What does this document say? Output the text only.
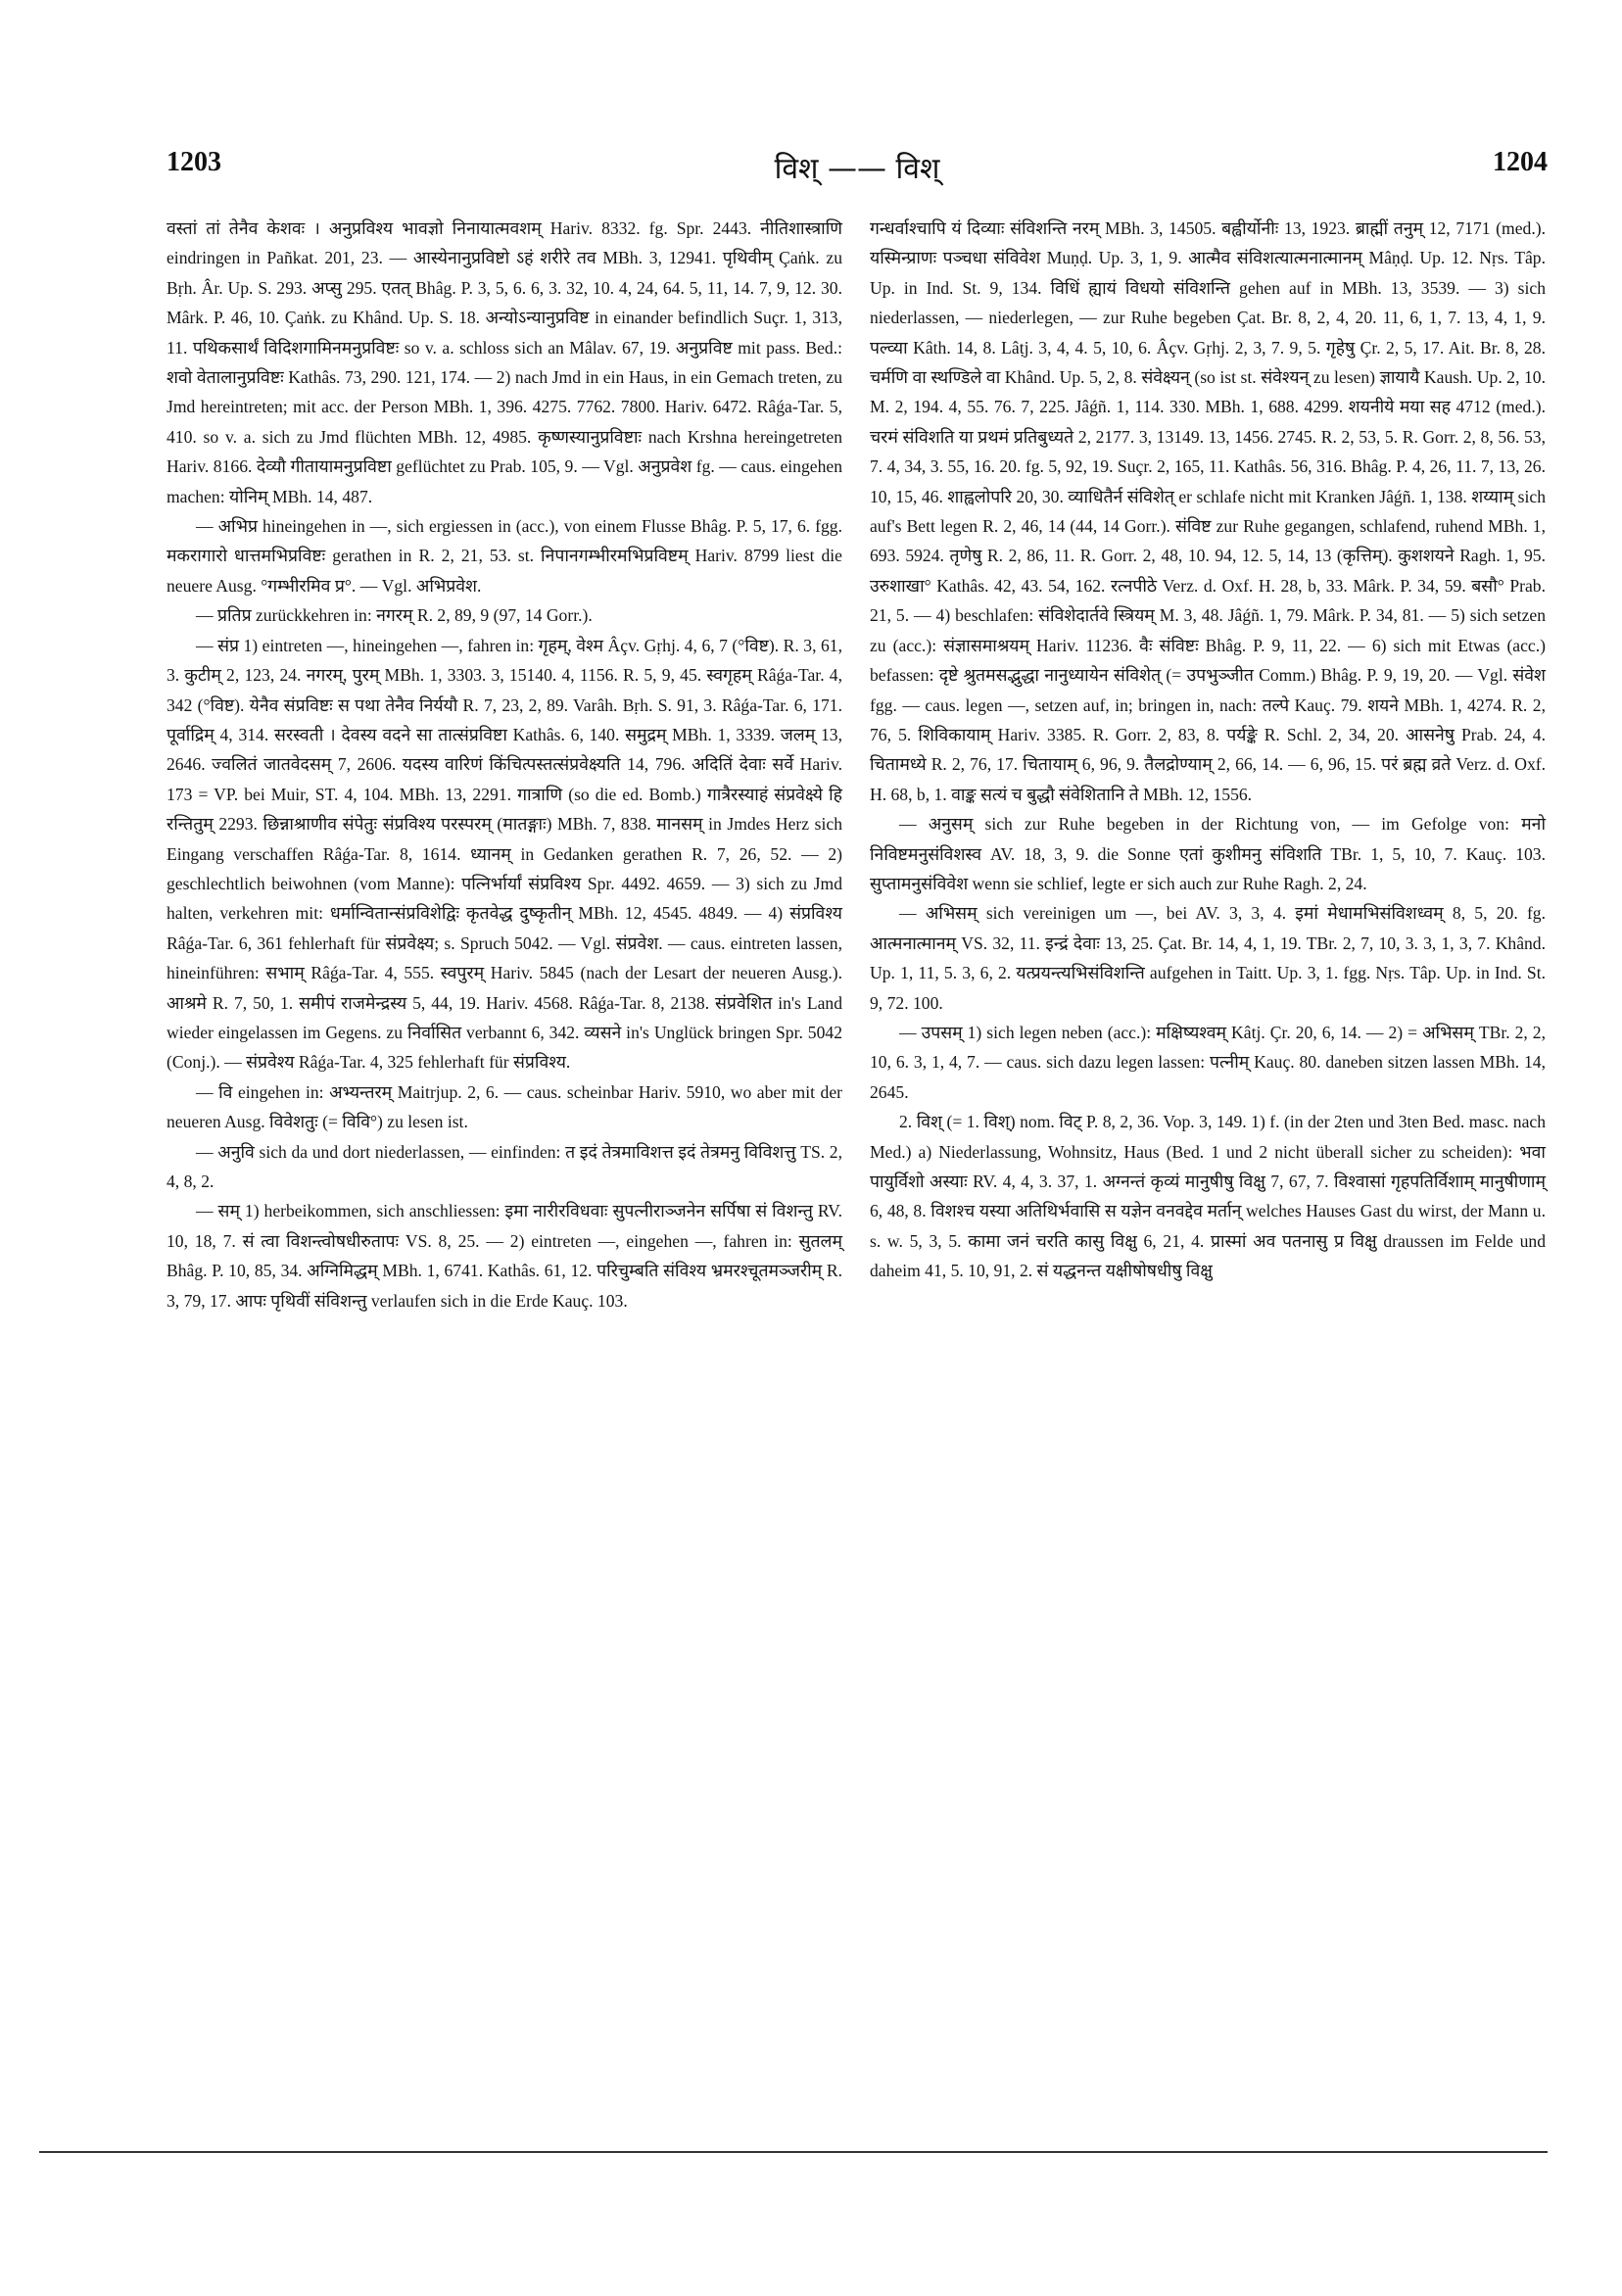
1203	विश् —— विश्	1204

वस्तां तां तेनैव केशवः । अनुप्रविश्य भावज्ञो निनायात्मवशम् Hariv. 8332. fg. Spr. 2443. नीतिशास्त्राणि eindringen in Pañkat. 201, 23. — आस्येनानुप्रविष्टो ऽहं शरीरे तव MBh. 3, 12941. पृथिवीम् Çaṅk. zu Bṛh. Âr. Up. S. 293. अप्सु 295. एतत् Bhâg. P. 3, 5, 6. 6, 3. 32, 10. 4, 24, 64. 5, 11, 14. 7, 9, 12. 30. Mârk. P. 46, 10. Çaṅk. zu Khând. Up. S. 18. अन्योऽन्यानुप्रविष्ट in einander befindlich Suçr. 1, 313, 11. पथिकसार्थं विदिशगामिनमनुप्रविष्टः so v. a. schloss sich an Mâlav. 67, 19. अनुप्रविष्ट mit pass. Bed.: शवो वेतालानुप्रविष्टः Kathâs. 73, 290. 121, 174. — 2) nach Jmd in ein Haus, in ein Gemach treten, zu Jmd hereintreten; mit acc. der Person MBh. 1, 396. 4275. 7762. 7800. Hariv. 6472. Râǵa-Tar. 5, 410. so v. a. sich zu Jmd flüchten MBh. 12, 4985. कृष्णस्यानुप्रविष्टाः nach Krshna hereingetreten Hariv. 8166. देव्यौ गीतायामनुप्रविष्टा geflüchtet zu Prab. 105, 9. — Vgl. अनुप्रवेश fg. — caus. eingehen machen: योनिम् MBh. 14, 487.

— अभिप्र hineingehen in —, sich ergiessen in (acc.), von einem Flusse Bhâg. P. 5, 17, 6. fgg. मकरागारो धात्तमभिप्रविष्टः gerathen in R. 2, 21, 53. st. निपानगम्भीरमभिप्रविष्टम् Hariv. 8799 liest die neuere Ausg. °गम्भीरमिव प्र°. — Vgl. अभिप्रवेश.

— प्रतिप्र zurückkehren in: नगरम् R. 2, 89, 9 (97, 14 Gorr.).

— संप्र 1) eintreten —, hineingehen —, fahren in: गृहम्, वेश्म Âçv. Gṛhj. 4, 6, 7 (°विष्ट). R. 3, 61, 3. कुटीम् 2, 123, 24. नगरम्, पुरम् MBh. 1, 3303. 3, 15140. 4, 1156. R. 5, 9, 45. स्वगृहम् Râǵa-Tar. 4, 342 (°विष्ट). येनैव संप्रविष्टः स पथा तेनैव निर्ययौ R. 7, 23, 2, 89. Varâh. Bṛh. S. 91, 3. Râǵa-Tar. 6, 171. पूर्वाद्रिम् 4, 314. सरस्वती । देवस्य वदने सा तात्संप्रविष्टा Kathâs. 6, 140. समुद्रम् MBh. 1, 3339. जलम् 13, 2646. ज्वलितं जातवेदसम् 7, 2606. यदस्य वारिणं किंचित्पस्तत्संप्रवेक्ष्यति 14, 796. अदितिं देवाः सर्वे Hariv. 173 = VP. bei Muir, ST. 4, 104. MBh. 13, 2291. गात्राणि (so die ed. Bomb.) गात्रैरस्याहं संप्रवेक्ष्ये हि रन्तितुम् 2293. छिन्नाश्राणीव संपेतुः संप्रविश्य परस्परम् (मातङ्गाः) MBh. 7, 838. मानसम् in Jmdes Herz sich Eingang verschaffen Râǵa-Tar. 8, 1614. ध्यानम् in Gedanken gerathen R. 7, 26, 52. — 2) geschlechtlich beiwohnen (vom Manne): पत्निर्भार्यां संप्रविश्य Spr. 4492. 4659. — 3) sich zu Jmd halten, verkehren mit: धर्मान्वितान्संप्रविशेद्विः कृतवेद्ध दुष्कृतीन् MBh. 12, 4545. 4849. — 4) संप्रविश्य Râǵa-Tar. 6, 361 fehlerhaft für संप्रवेक्ष्य; s. Spruch 5042. — Vgl. संप्रवेश. — caus. eintreten lassen, hineinführen: सभाम् Râǵa-Tar. 4, 555. स्वपुरम् Hariv. 5845 (nach der Lesart der neueren Ausg.). आश्रमे R. 7, 50, 1. समीपं राजमेन्द्रस्य 5, 44, 19. Hariv. 4568. Râǵa-Tar. 8, 2138. संप्रवेशित in's Land wieder eingelassen im Gegens. zu निर्वासित verbannt 6, 342. व्यसने in's Unglück bringen Spr. 5042 (Conj.). — संप्रवेश्य Râǵa-Tar. 4, 325 fehlerhaft für संप्रविश्य.

— वि eingehen in: अभ्यन्तरम् Maitrjup. 2, 6. — caus. scheinbar Hariv. 5910, wo aber mit der neueren Ausg. विवेशतुः (= विवि°) zu lesen ist.

— अनुवि sich da und dort niederlassen, — einfinden: त इदं तेत्रमाविशत्त इदं तेत्रमनु विविशत्तु TS. 2, 4, 8, 2.

— सम् 1) herbeikommen, sich anschliessen: इमा नारीरविधवाः सुपत्नीरा‍ञ्जनेन सर्पिषा सं विशन्तु RV. 10, 18, 7. सं त्वा विशन्त्वोषधीरुतापः VS. 8, 25. — 2) eintreten —, eingehen —, fahren in: सुतलम् Bhâg. P. 10, 85, 34. अग्निमिद्धम् MBh. 1, 6741. Kathâs. 61, 12. परिचुम्बति संविश्य भ्रमरश्चूतमञ्जरीम् R. 3, 79, 17. आपः पृथिवीं संविशन्तु verlaufen sich in die Erde Kauç. 103.

गन्धर्वाश्चापि यं दिव्याः संविशन्ति नरम् MBh. 3, 14505. बह्वीर्योनीः 13, 1923. ब्राह्मीं तनुम् 12, 7171 (med.). यस्मिन्प्राणः पञ्चधा संविवेश Muṇḍ. Up. 3, 1, 9. आत्मैव संविशत्यात्मनात्मानम् Mâṇḍ. Up. 12. Nṛs. Tâp. Up. in Ind. St. 9, 134. विधिं ह्यायं विधयो संविशन्ति gehen auf in MBh. 13, 3539. — 3) sich niederlassen, — niederlegen, — zur Ruhe begeben Çat. Br. 8, 2, 4, 20. 11, 6, 1, 7. 13, 4, 1, 9. पल्व्या Kâth. 14, 8. Lâṭj. 3, 4, 4. 5, 10, 6. Âçv. Gṛhj. 2, 3, 7. 9, 5. गृहेषु Çr. 2, 5, 17. Ait. Br. 8, 28. चर्मणि वा स्थण्डिले वा Khând. Up. 5, 2, 8. संवेक्ष्यन् (so ist st. संवेश्यन् zu lesen) ज्ञायायै Kaush. Up. 2, 10. M. 2, 194. 4, 55. 76. 7, 225. Jâǵñ. 1, 114. 330. MBh. 1, 688. 4299. शयनीये मया सह 4712 (med.). चरमं संविशति या प्रथमं प्रतिबुध्यते 2, 2177. 3, 13149. 13, 1456. 2745. R. 2, 53, 5. R. Gorr. 2, 8, 56. 53, 7. 4, 34, 3. 55, 16. 20. fg. 5, 92, 19. Suçr. 2, 165, 11. Kathâs. 56, 316. Bhâg. P. 4, 26, 11. 7, 13, 26. 10, 15, 46. शाह्वलोपरि 20, 30. व्याधितैर्न संविशेत् er schlafe nicht mit Kranken Jâǵñ. 1, 138. शय्याम् sich auf's Bett legen R. 2, 46, 14 (44, 14 Gorr.). संविष्ट zur Ruhe gegangen, schlafend, ruhend MBh. 1, 693. 5924. तृणेषु R. 2, 86, 11. R. Gorr. 2, 48, 10. 94, 12. 5, 14, 13 (कृत्तिम्). कुशशयने Ragh. 1, 95. उरुशाखा° Kathâs. 42, 43. 54, 162. रत्नपीठे Verz. d. Oxf. H. 28, b, 33. Mârk. P. 34, 59. बसौ° Prab. 21, 5. — 4) beschlafen: संविशेदार्तवे स्त्रियम् M. 3, 48. Jâǵñ. 1, 79. Mârk. P. 34, 81. — 5) sich setzen zu (acc.): संज्ञासमाश्रयम् Hariv. 11236. वैः संविष्टः Bhâg. P. 9, 11, 22. — 6) sich mit Etwas (acc.) befassen: दृष्टे श्रुतमसद्भुद्धा नानुध्यायेन संविशेत् (= उपभुञ्जीत Comm.) Bhâg. P. 9, 19, 20. — Vgl. संवेश fgg. — caus. legen —, setzen auf, in; bringen in, nach: तल्पे Kauç. 79. शयने MBh. 1, 4274. R. 2, 76, 5. शिविकायाम् Hariv. 3385. R. Gorr. 2, 83, 8. पर्यङ्के R. Schl. 2, 34, 20. आसनेषु Prab. 24, 4. चितामध्ये R. 2, 76, 17. चितायाम् 6, 96, 9. तैलद्रोण्याम् 2, 66, 14. — 6, 96, 15. परं ब्रह्म व्रते Verz. d. Oxf. H. 68, b, 1. वाङ्क सत्यं च बुद्धौ संवेशितानि ते MBh. 12, 1556.

— अनुसम् sich zur Ruhe begeben in der Richtung von, — im Gefolge von: मनो निविष्टमनुसंविशस्व AV. 18, 3, 9. die Sonne एतां कुशीमनु संविशति TBr. 1, 5, 10, 7. Kauç. 103. सुप्तामनुसंविवेश wenn sie schlief, legte er sich auch zur Ruhe Ragh. 2, 24.

— अभिसम् sich vereinigen um —, bei AV. 3, 3, 4. इमां मेधामभिसंविशध्वम् 8, 5, 20. fg. आत्मनात्मानम् VS. 32, 11. इन्द्रं देवाः 13, 25. Çat. Br. 14, 4, 1, 19. TBr. 2, 7, 10, 3. 3, 1, 3, 7. Khând. Up. 1, 11, 5. 3, 6, 2. यत्प्रयन्त्यभिसंविशन्ति aufgehen in Taitt. Up. 3, 1. fgg. Nṛs. Tâp. Up. in Ind. St. 9, 72. 100.

— उपसम् 1) sich legen neben (acc.): मक्षिष्यश्वम् Kâtj. Çr. 20, 6, 14. — 2) = अभिसम् TBr. 2, 2, 10, 6. 3, 1, 4, 7. — caus. sich dazu legen lassen: पत्नीम् Kauç. 80. daneben sitzen lassen MBh. 14, 2645.

2. विश् (= 1. विश्) nom. विट् P. 8, 2, 36. Vop. 3, 149. 1) f. (in der 2ten und 3ten Bed. masc. nach Med.) a) Niederlassung, Wohnsitz, Haus (Bed. 1 und 2 nicht überall sicher zu scheiden): भवा पायुर्विशो अस्याः RV. 4, 4, 3. 37, 1. अग्नन्तं कृव्यं मानुषीषु विक्षु 7, 67, 7. विश्वासां गृहपतिर्विशाम् मानुषीणाम् 6, 48, 8. विशश्च यस्या अतिथिर्भवासि स यज्ञेन वनवद्देव मर्तान् welches Hauses Gast du wirst, der Mann u. s. w. 5, 3, 5. कामा जनं चरति कासु विक्षु 6, 21, 4. प्रास्मां अव पतनासु प्र विक्षु draussen im Felde und daheim 41, 5. 10, 91, 2. सं यद्धनन्त यक्षीषोषधीषु विक्षु
